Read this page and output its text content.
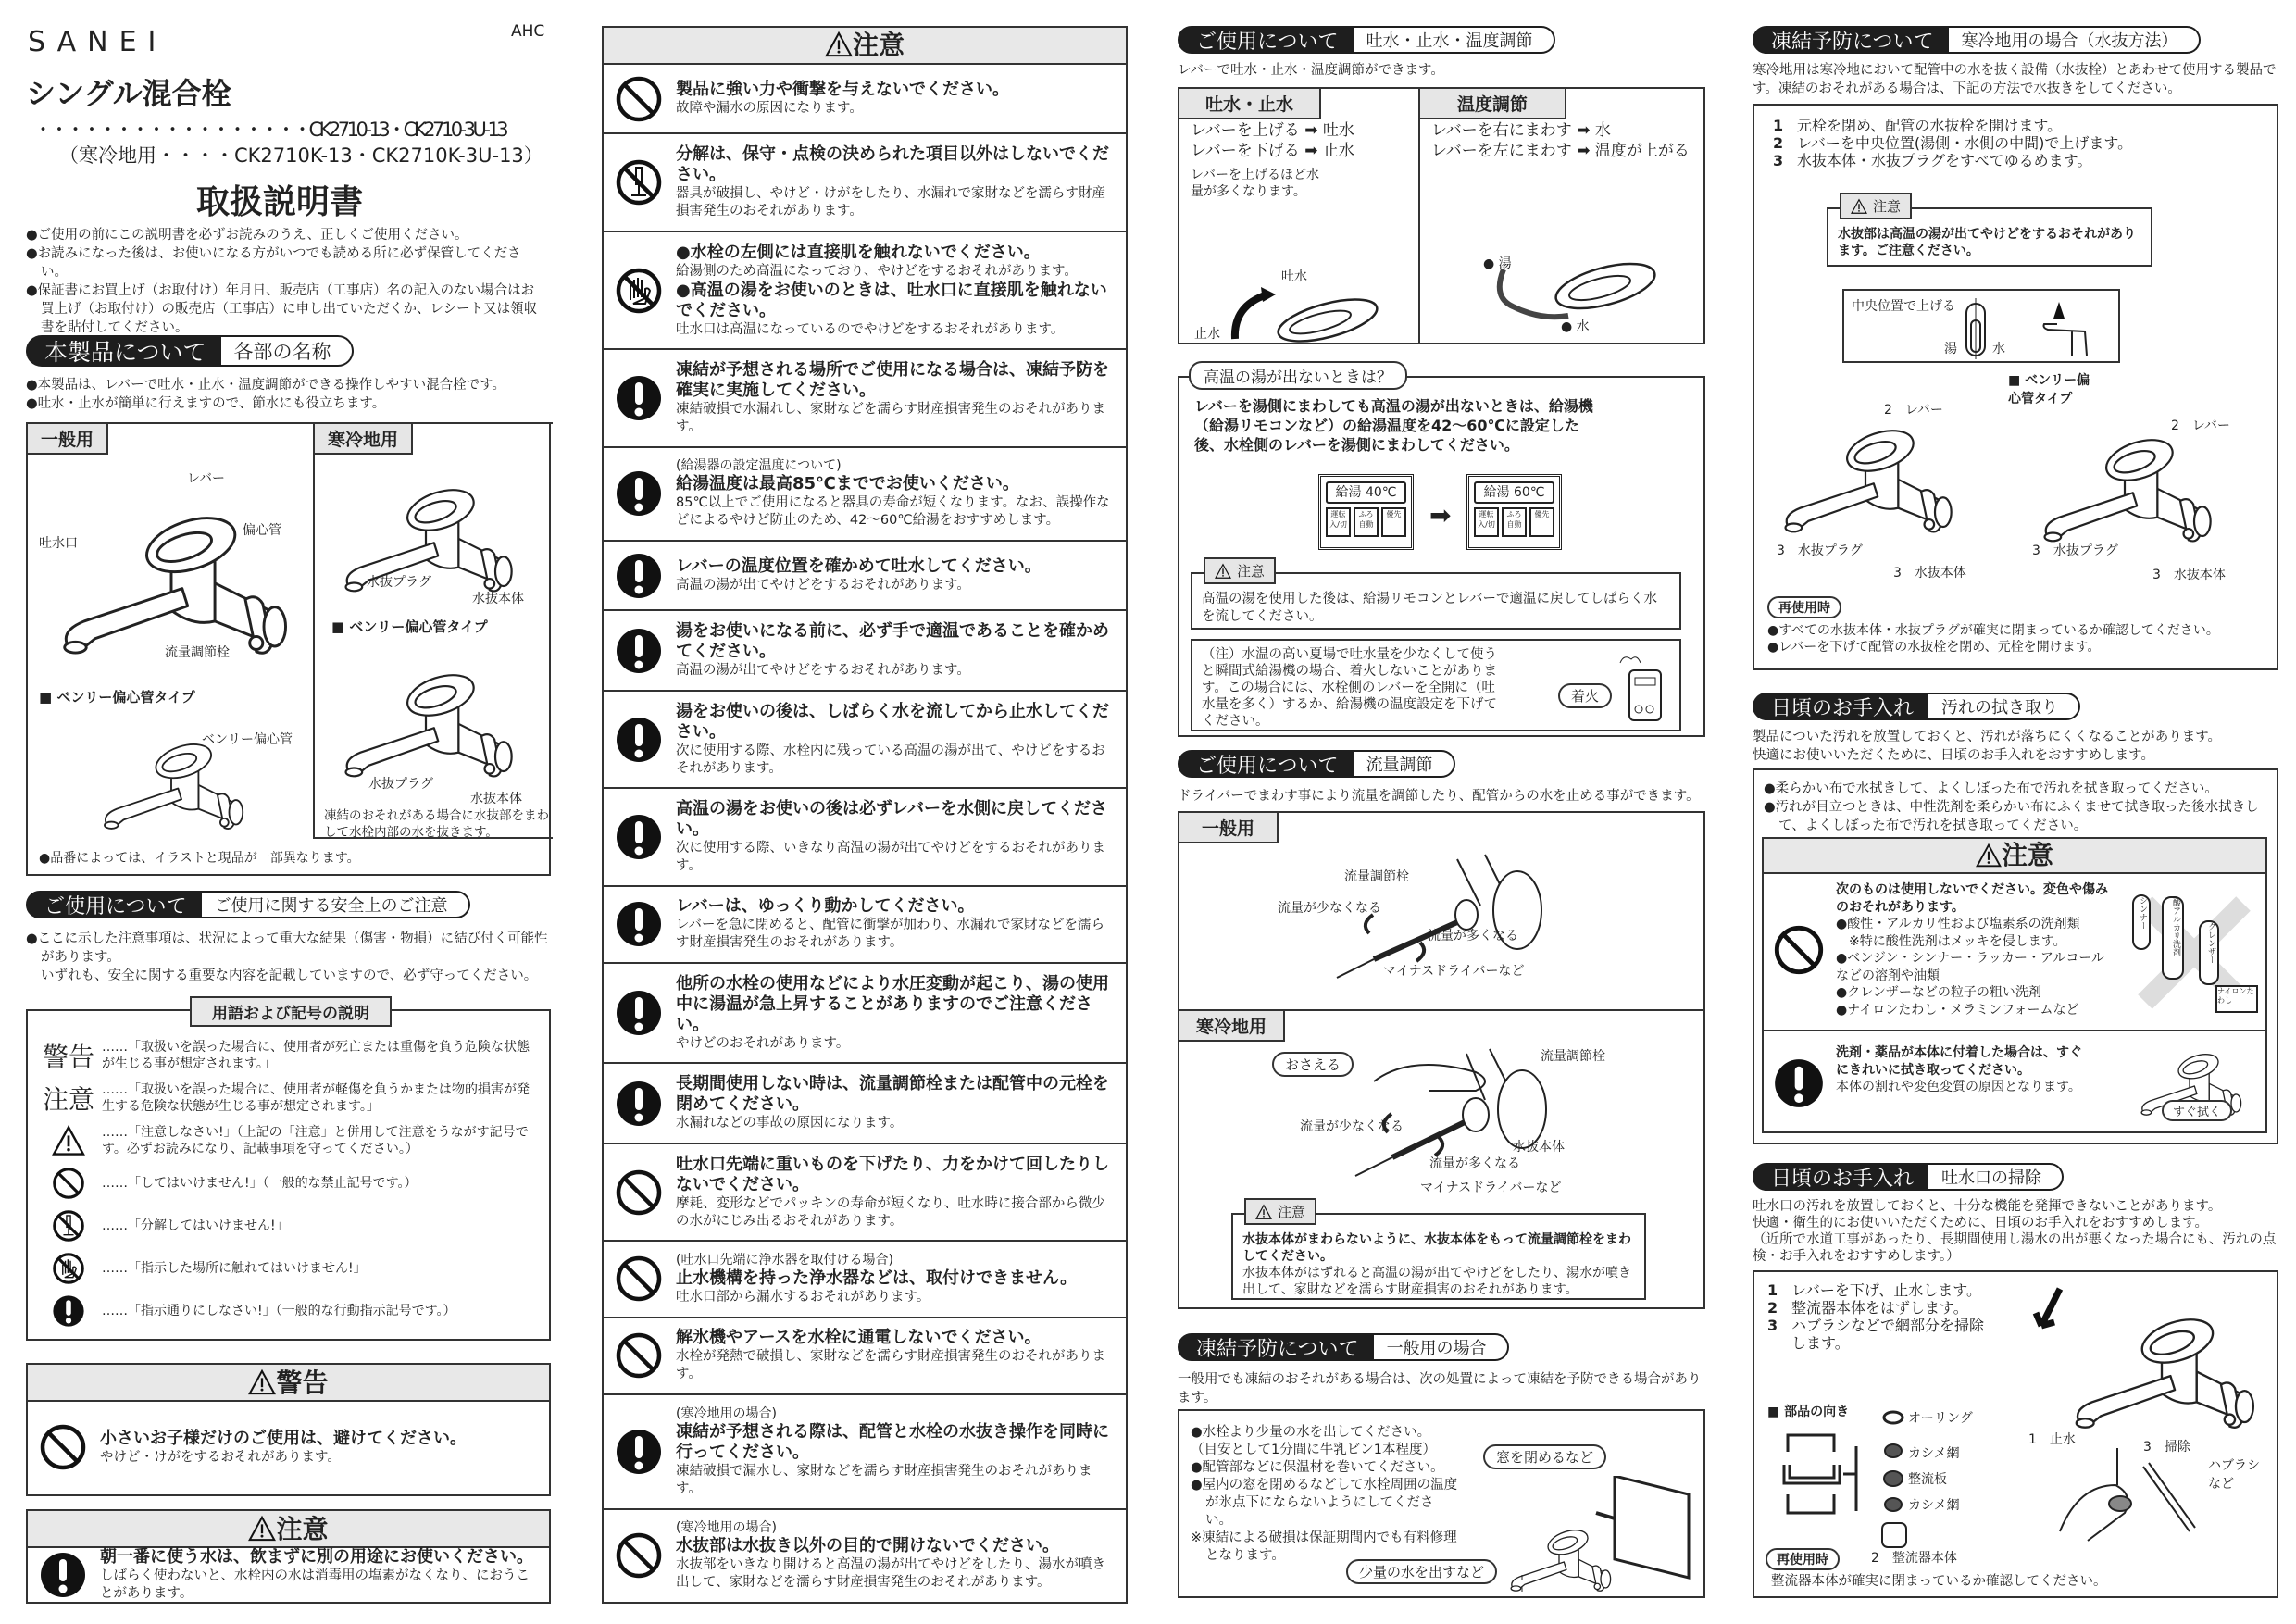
SANEI	AHC
シングル混合栓
・・・・・・・・・・・・・・・・・CK2710-13・CK2710-3U-13
（寒冷地用・・・・CK2710K-13・CK2710K-3U-13）
取扱説明書
●ご使用の前にこの説明書を必ずお読みのうえ、正しくご使用ください。
●お読みになった後は、お使いになる方がいつでも読める所に必ず保管してください。
●保証書にお買上げ（お取付け）年月日、販売店（工事店）名の記入のない場合はお買上げ（お取付け）の販売店（工事店）に申し出ていただくか、レシート又は領収書を貼付してください。
本製品について	各部の名称
●本製品は、レバーで吐水・止水・温度調節ができる操作しやすい混合栓です。
●吐水・止水が簡単に行えますので、節水にも役立ちます。
一般用	寒冷地用
水抜プラグ
水抜本体
■ ベンリー偏心管タイプ
水抜プラグ
水抜本体
凍結のおそれがある場合に水抜部をまわして水栓内部の水を抜きます。
レバー
吐水口
偏心管
流量調節栓
■ ベンリー偏心管タイプ
ベンリー偏心管
●品番によっては、イラストと現品が一部異なります。
ご使用について	ご使用に関する安全上のご注意
●ここに示した注意事項は、状況によって重大な結果（傷害・物損）に結び付く可能性があります。
いずれも、安全に関する重要な内容を記載していますので、必ず守ってください。
用語および記号の説明
警告 ……「取扱いを誤った場合に、使用者が死亡または重傷を負う危険な状態が生じる事が想定されます。」
注意 ……「取扱いを誤った場合に、使用者が軽傷を負うかまたは物的損害が発生する危険な状態が生じる事が想定されます。」
……「注意しなさい!」（上記の「注意」と併用して注意をうながす記号です。必ずお読みになり、記載事項を守ってください。）
……「してはいけません!」（一般的な禁止記号です。）
……「分解してはいけません!」
……「指示した場所に触れてはいけません!」
……「指示通りにしなさい!」（一般的な行動指示記号です。）
警告
小さいお子様だけのご使用は、避けてください。
やけど・けがをするおそれがあります。
注意
朝一番に使う水は、飲まずに別の用途にお使いください。
しばらく使わないと、水栓内の水は消毒用の塩素がなくなり、におうことがあります。
注意
製品に強い力や衝撃を与えないでください。
故障や漏水の原因になります。
分解は、保守・点検の決められた項目以外はしないでください。
器具が破損し、やけど・けがをしたり、水漏れで家財などを濡らす財産損害発生のおそれがあります。
●水栓の左側には直接肌を触れないでください。
給湯側のため高温になっており、やけどをするおそれがあります。
●高温の湯をお使いのときは、吐水口に直接肌を触れないでください。
吐水口は高温になっているのでやけどをするおそれがあります。
凍結が予想される場所でご使用になる場合は、凍結予防を確実に実施してください。
凍結破損で水漏れし、家財などを濡らす財産損害発生のおそれがあります。
(給湯器の設定温度について)
給湯温度は最高85℃まででお使いください。
85℃以上でご使用になると器具の寿命が短くなります。なお、誤操作などによるやけど防止のため、42～60℃給湯をおすすめします。
レバーの温度位置を確かめて吐水してください。
高温の湯が出てやけどをするおそれがあります。
湯をお使いになる前に、必ず手で適温であることを確かめてください。
高温の湯が出てやけどをするおそれがあります。
湯をお使いの後は、しばらく水を流してから止水してください。
次に使用する際、水栓内に残っている高温の湯が出て、やけどをするおそれがあります。
高温の湯をお使いの後は必ずレバーを水側に戻してください。
次に使用する際、いきなり高温の湯が出てやけどをするおそれがあります。
レバーは、ゆっくり動かしてください。
レバーを急に閉めると、配管に衝撃が加わり、水漏れで家財などを濡らす財産損害発生のおそれがあります。
他所の水栓の使用などにより水圧変動が起こり、湯の使用中に湯温が急上昇することがありますのでご注意ください。
やけどのおそれがあります。
長期間使用しない時は、流量調節栓または配管中の元栓を閉めてください。
水漏れなどの事故の原因になります。
吐水口先端に重いものを下げたり、力をかけて回したりしないでください。
摩耗、変形などでパッキンの寿命が短くなり、吐水時に接合部から微少の水がにじみ出るおそれがあります。
(吐水口先端に浄水器を取付ける場合)
止水機構を持った浄水器などは、取付けできません。
吐水口部から漏水するおそれがあります。
解氷機やアースを水栓に通電しないでください。
水栓が発熱で破損し、家財などを濡らす財産損害発生のおそれがあります。
(寒冷地用の場合)
凍結が予想される際は、配管と水栓の水抜き操作を同時に行ってください。
凍結破損で漏水し、家財などを濡らす財産損害発生のおそれがあります。
(寒冷地用の場合)
水抜部は水抜き以外の目的で開けないでください。
水抜部をいきなり開けると高温の湯が出てやけどをしたり、湯水が噴き出して、家財などを濡らす財産損害発生のおそれがあります。
ご使用について	吐水・止水・温度調節
レバーで吐水・止水・温度調節ができます。
吐水・止水	温度調節
レバーを上げる ➡ 吐水
レバーを下げる ➡ 止水
レバーを上げるほど水量が多くなります。
吐水
止水
レバーを右にまわす ➡ 水
レバーを左にまわす ➡ 温度が上がる
● 湯
● 水
高温の湯が出ないときは？
レバーを湯側にまわしても高温の湯が出ないときは、給湯機（給湯リモコンなど）の給湯温度を42～60℃に設定した後、水栓側のレバーを湯側にまわしてください。
給湯 40℃
運転入/切
ふろ自動
優先 ➡
給湯 60℃
運転入/切
ふろ自動
優先
注意
高温の湯を使用した後は、給湯リモコンとレバーで適温に戻してしばらく水を流してください。
（注）水温の高い夏場で吐水量を少なくして使うと瞬間式給湯機の場合、着火しないことがあります。この場合には、水栓側のレバーを全開に（吐水量を多く）するか、給湯機の温度設定を下げてください。
着火
ご使用について	流量調節
ドライバーでまわす事により流量を調節したり、配管からの水を止める事ができます。
一般用
流量調節栓
流量が少なくなる
流量が多くなる
マイナスドライバーなど
寒冷地用
おさえる	流量調節栓
流量が少なくなる
水抜本体
流量が多くなる
マイナスドライバーなど
注意
水抜本体がまわらないように、水抜本体をもって流量調節栓をまわしてください。
水抜本体がはずれると高温の湯が出てやけどをしたり、湯水が噴き出して、家財などを濡らす財産損害のおそれがあります。
凍結予防について	一般用の場合
一般用でも凍結のおそれがある場合は、次の処置によって凍結を予防できる場合があります。
●水栓より少量の水を出してください。
（目安として1分間に牛乳ビン1本程度）
●配管部などに保温材を巻いてください。
●屋内の窓を閉めるなどして水栓周囲の温度が氷点下にならないようにしてください。
※凍結による破損は保証期間内でも有料修理となります。
窓を閉めるなど
少量の水を出すなど
凍結予防について	寒冷地用の場合（水抜方法）
寒冷地用は寒冷地において配管中の水を抜く設備（水抜栓）とあわせて使用する製品です。凍結のおそれがある場合は、下記の方法で水抜きをしてください。
1 元栓を閉め、配管の水抜栓を開けます。
2 レバーを中央位置(湯側・水側の中間)で上げます。
3 水抜本体・水抜プラグをすべてゆるめます。
注意
水抜部は高温の湯が出てやけどをするおそれがあります。ご注意ください。
中央位置で上げる
湯	水
■ ベンリー偏心管タイプ
2　レバー
2　レバー
3　水抜プラグ
3　水抜本体
3　水抜プラグ
3　水抜本体
再使用時
●すべての水抜本体・水抜プラグが確実に閉まっているか確認してください。
●レバーを下げて配管の水抜栓を閉め、元栓を開けます。
日頃のお手入れ	汚れの拭き取り
製品についた汚れを放置しておくと、汚れが落ちにくくなることがあります。
快適にお使いいただくために、日頃のお手入れをおすすめします。
●柔らかい布で水拭きして、よくしぼった布で汚れを拭き取ってください。
●汚れが目立つときは、中性洗剤を柔らかい布にふくませて拭き取った後水拭きして、よくしぼった布で汚れを拭き取ってください。
注意
次のものは使用しないでください。変色や傷みのおそれがあります。
●酸性・アルカリ性および塩素系の洗剤類
※特に酸性洗剤はメッキを侵します。
●ベンジン・シンナー・ラッカー・アルコールなどの溶剤や油類
●クレンザーなどの粒子の粗い洗剤
●ナイロンたわし・メラミンフォームなど
シンナー	酸アルカリ洗剤	クレンザー
ナイロンたわし
洗剤・薬品が本体に付着した場合は、すぐにきれいに拭き取ってください。
本体の割れや変色変質の原因となります。
すぐ拭く
日頃のお手入れ	吐水口の掃除
吐水口の汚れを放置しておくと、十分な機能を発揮できないことがあります。
快適・衛生的にお使いいただくために、日頃のお手入れをおすすめします。
（近所で水道工事があったり、長期間使用し湯水の出が悪くなった場合にも、汚れの点検・お手入れをおすすめします。）
1 レバーを下げ、止水します。
2 整流器本体をはずします。
3 ハブラシなどで網部分を掃除します。
1　止水
■ 部品の向き	オーリング
カシメ網
整流板
カシメ網
2　整流器本体
3　掃除
ハブラシなど
再使用時
整流器本体が確実に閉まっているか確認してください。
